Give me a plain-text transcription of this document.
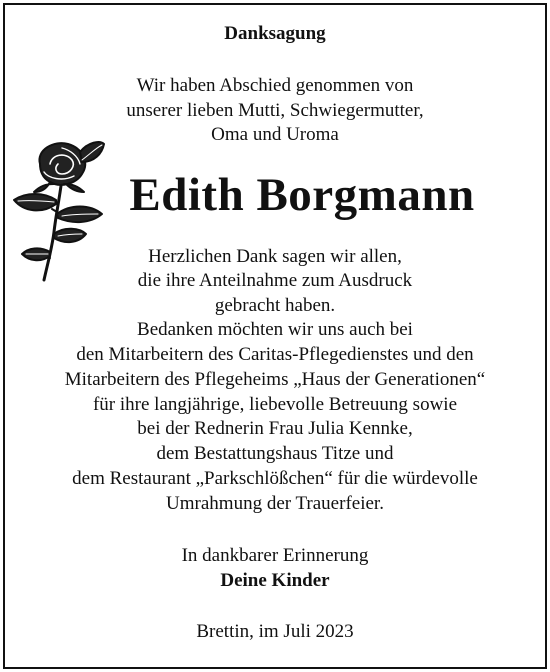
Danksagung
Wir haben Abschied genommen von
unserer lieben Mutti, Schwiegermutter,
Oma und Uroma
Edith Borgmann
Herzlichen Dank sagen wir allen,
die ihre Anteilnahme zum Ausdruck
gebracht haben.
Bedanken möchten wir uns auch bei
den Mitarbeitern des Caritas-Pflegedienstes und den
Mitarbeitern des Pflegeheims „Haus der Generationen“
für ihre langjährige, liebevolle Betreuung sowie
bei der Rednerin Frau Julia Kennke,
dem Bestattungshaus Titze und
dem Restaurant „Parkschlößchen“ für die würdevolle
Umrahmung der Trauerfeier.
In dankbarer Erinnerung
Deine Kinder
Brettin, im Juli 2023
